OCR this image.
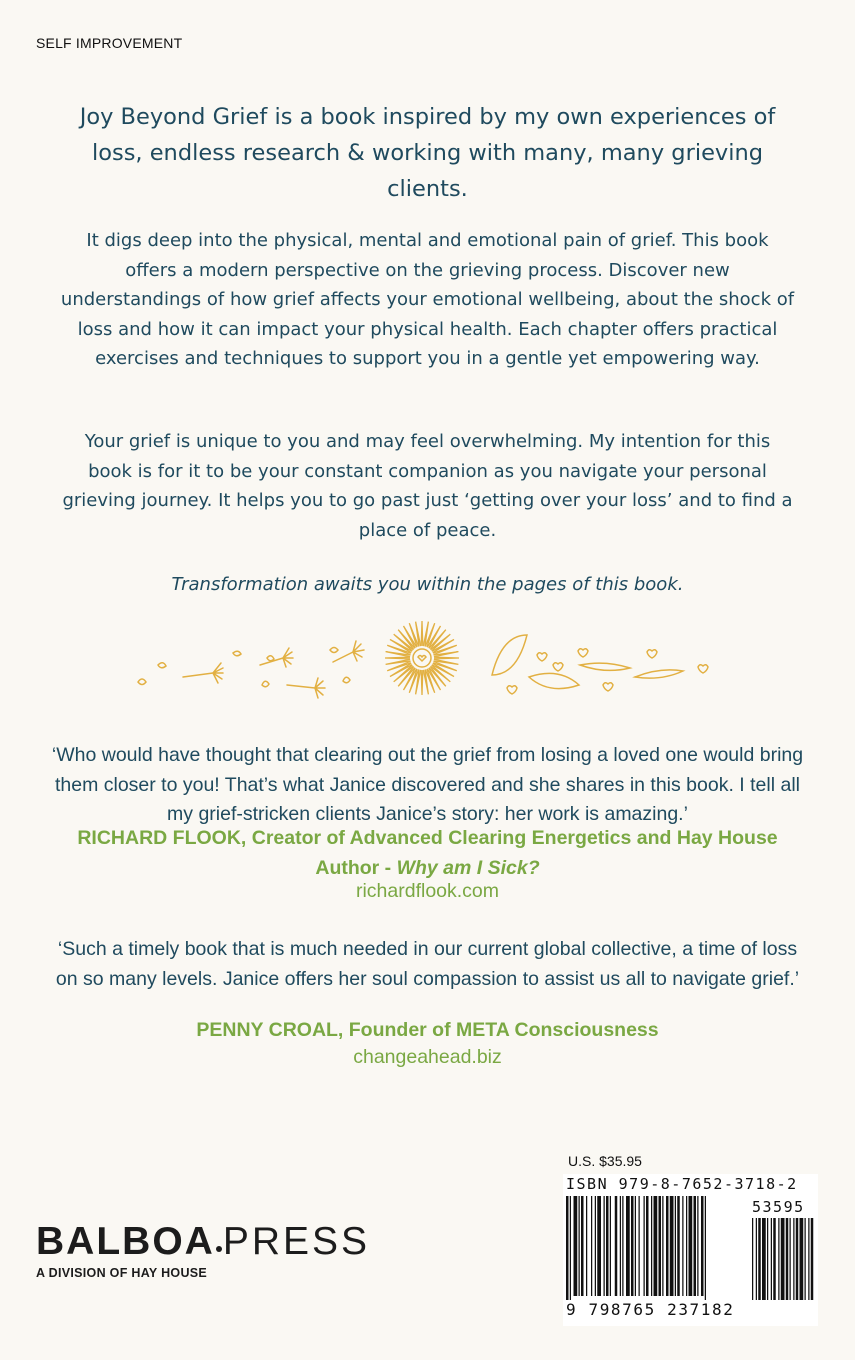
SELF IMPROVEMENT

Joy Beyond Grief is a book inspired by my own experiences of loss, endless research & working with many, many grieving clients.

It digs deep into the physical, mental and emotional pain of grief. This book offers a modern perspective on the grieving process. Discover new understandings of how grief affects your emotional wellbeing, about the shock of loss and how it can impact your physical health. Each chapter offers practical exercises and techniques to support you in a gentle yet empowering way.

Your grief is unique to you and may feel overwhelming. My intention for this book is for it to be your constant companion as you navigate your personal grieving journey. It helps you to go past just ‘getting over your loss’ and to find a place of peace.

Transformation awaits you within the pages of this book.

‘Who would have thought that clearing out the grief from losing a loved one would bring them closer to you! That’s what Janice discovered and she shares in this book. I tell all my grief-stricken clients Janice’s story: her work is amazing.’

RICHARD FLOOK, Creator of Advanced Clearing Energetics and Hay House Author - Why am I Sick?

richardflook.com

‘Such a timely book that is much needed in our current global collective, a time of loss on so many levels. Janice offers her soul compassion to assist us all to navigate grief.’

PENNY CROAL, Founder of META Consciousness

changeahead.biz
BALBOA PRESS
A DIVISION OF HAY HOUSE
U.S. $35.95
ISBN 979-8-7652-3718-2
53595
9 798765 237182
